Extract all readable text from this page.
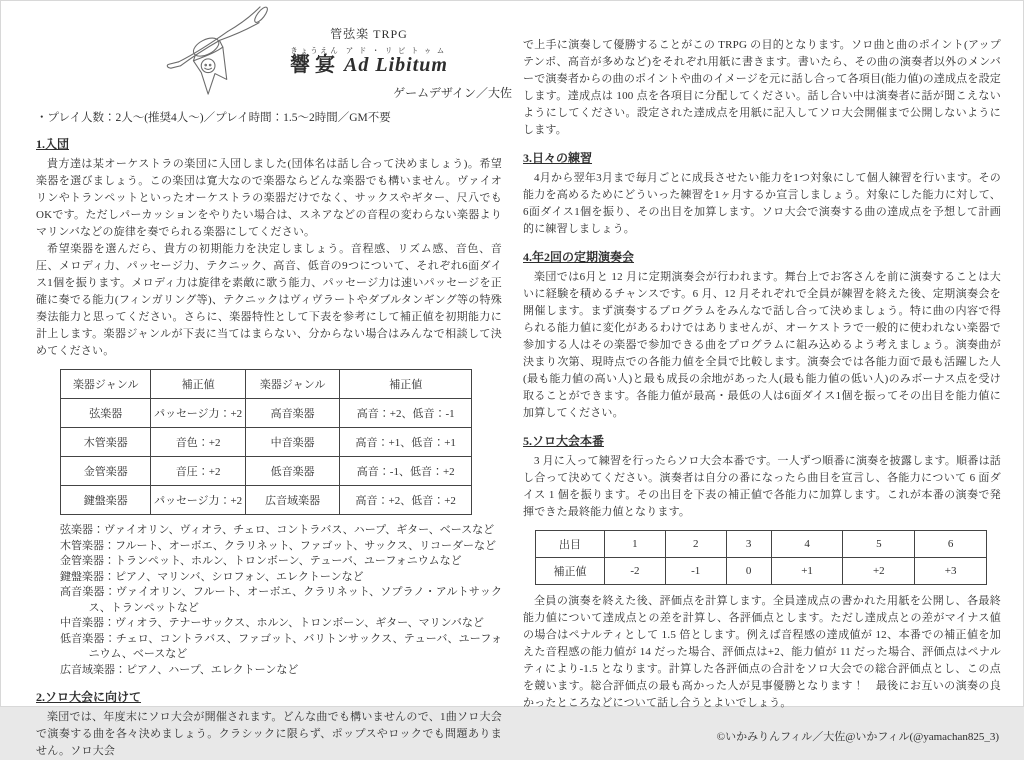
管弦楽 TRPG
響宴きょうえん Ad Libitumアド・リビトゥム
ゲームデザイン／大佐
・プレイ人数：2人～(推奨4人～)／プレイ時間：1.5～2時間／GM不要
1.入団

貴方達は某オーケストラの楽団に入団しました(団体名は話し合って決めましょう)。希望楽器を選びましょう。この楽団は寛大なので楽器ならどんな楽器でも構いません。ヴァイオリンやトランペットといったオーケストラの楽器だけでなく、サックスやギター、尺八でもOKです。ただしパーカッションをやりたい場合は、スネアなどの音程の変わらない楽器よりマリンバなどの旋律を奏でられる楽器にしてください。

希望楽器を選んだら、貴方の初期能力を決定しましょう。音程感、リズム感、音色、音圧、メロディ力、パッセージ力、テクニック、高音、低音の9つについて、それぞれ6面ダイス1個を振ります。メロディ力は旋律を素敵に歌う能力、パッセージ力は速いパッセージを正確に奏でる能力(フィンガリング等)、テクニックはヴィヴラートやダブルタンギング等の特殊奏法能力と思ってください。さらに、楽器特性として下表を参考にして補正値を初期能力に計上します。楽器ジャンルが下表に当てはまらない、分からない場合はみんなで相談して決めてください。

楽器ジャンル	補正値	楽器ジャンル	補正値
弦楽器	パッセージ力：+2	高音楽器	高音：+2、低音：-1
木管楽器	音色：+2	中音楽器	高音：+1、低音：+1
金管楽器	音圧：+2	低音楽器	高音：-1、低音：+2
鍵盤楽器	パッセージ力：+2	広音域楽器	高音：+2、低音：+2
弦楽器：ヴァイオリン、ヴィオラ、チェロ、コントラバス、ハープ、ギター、ベースなど
木管楽器：フルート、オーボエ、クラリネット、ファゴット、サックス、リコーダーなど
金管楽器：トランペット、ホルン、トロンボーン、テューバ、ユーフォニウムなど
鍵盤楽器：ピアノ、マリンバ、シロフォン、エレクトーンなど
高音楽器：ヴァイオリン、フルート、オーボエ、クラリネット、ソプラノ・アルトサックス、トランペットなど
中音楽器：ヴィオラ、テナーサックス、ホルン、トロンボーン、ギター、マリンバなど
低音楽器：チェロ、コントラバス、ファゴット、バリトンサックス、テューバ、ユーフォニウム、ベースなど
広音域楽器：ピアノ、ハープ、エレクトーンなど
2.ソロ大会に向けて

楽団では、年度末にソロ大会が開催されます。どんな曲でも構いませんので、1曲ソロ大会で演奏する曲を各々決めましょう。クラシックに限らず、ポップスやロックでも問題ありません。ソロ大会

で上手に演奏して優勝することがこの TRPG の目的となります。ソロ曲と曲のポイント(アップテンポ、高音が多めなど)をそれぞれ用紙に書きます。書いたら、その曲の演奏者以外のメンバーで演奏者からの曲のポイントや曲のイメージを元に話し合って各項目(能力値)の達成点を設定します。達成点は 100 点を各項目に分配してください。話し合い中は演奏者に話が聞こえないようにしてください。設定された達成点を用紙に記入してソロ大会開催まで公開しないようにします。

3.日々の練習

4月から翌年3月まで毎月ごとに成長させたい能力を1つ対象にして個人練習を行います。その能力を高めるためにどういった練習を1ヶ月するか宣言しましょう。対象にした能力に対して、6面ダイス1個を振り、その出目を加算します。ソロ大会で演奏する曲の達成点を予想して計画的に練習しましょう。

4.年2回の定期演奏会

楽団では6月と 12 月に定期演奏会が行われます。舞台上でお客さんを前に演奏することは大いに経験を積めるチャンスです。6 月、12 月それぞれで全員が練習を終えた後、定期演奏会を開催します。まず演奏するプログラムをみんなで話し合って決めましょう。特に曲の内容で得られる能力値に変化があるわけではありませんが、オーケストラで一般的に使われない楽器で参加する人はその楽器で参加できる曲をプログラムに組み込めるよう考えましょう。演奏曲が決まり次第、現時点での各能力値を全員で比較します。演奏会では各能力面で最も活躍した人(最も能力値の高い人)と最も成長の余地があった人(最も能力値の低い人)のみボーナス点を受け取ることができます。各能力値が最高・最低の人は6面ダイス1個を振ってその出目を能力値に加算してください。

5.ソロ大会本番

3 月に入って練習を行ったらソロ大会本番です。一人ずつ順番に演奏を披露します。順番は話し合って決めてください。演奏者は自分の番になったら曲目を宣言し、各能力について 6 面ダイス 1 個を振ります。その出目を下表の補正値で各能力に加算します。これが本番の演奏で発揮できた最終能力値となります。

出目	1	2	3	4	5	6
補正値	-2	-1	0	+1	+2	+3

全員の演奏を終えた後、評価点を計算します。全員達成点の書かれた用紙を公開し、各最終能力値について達成点との差を計算し、各評価点とします。ただし達成点との差がマイナス値の場合はペナルティとして 1.5 倍とします。例えば音程感の達成値が 12、本番での補正値を加えた音程感の能力値が 14 だった場合、評価点は+2、能力値が 11 だった場合、評価点はペナルティにより-1.5 となります。計算した各評価点の合計をソロ大会での総合評価点とし、この点を競います。総合評価点の最も高かった人が見事優勝となります！　最後にお互いの演奏の良かったところなどについて話し合うとよいでしょう。

©いかみりんフィル／大佐@いかフィル(@yamachan825_3)
